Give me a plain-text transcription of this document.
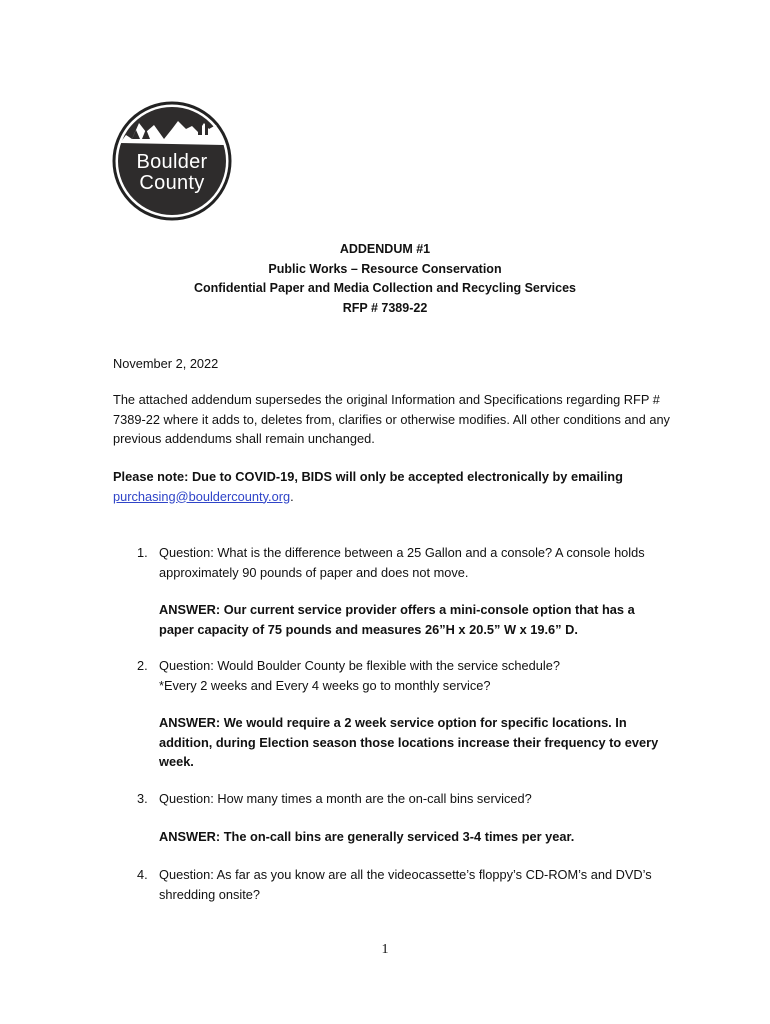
Boulder
County
ADDENDUM #1
Public Works – Resource Conservation
Confidential Paper and Media Collection and Recycling Services
RFP # 7389-22
November 2, 2022
The attached addendum supersedes the original Information and Specifications regarding RFP # 7389-22 where it adds to, deletes from, clarifies or otherwise modifies. All other conditions and any previous addendums shall remain unchanged.
Please note: Due to COVID-19, BIDS will only be accepted electronically by emailing purchasing@bouldercounty.org.
1. Question: What is the difference between a 25 Gallon and a console? A console holds approximately 90 pounds of paper and does not move.
ANSWER: Our current service provider offers a mini-console option that has a paper capacity of 75 pounds and measures 26”H x 20.5” W x 19.6” D.
2. Question: Would Boulder County be flexible with the service schedule?
*Every 2 weeks and Every 4 weeks go to monthly service?
ANSWER: We would require a 2 week service option for specific locations. In addition, during Election season those locations increase their frequency to every week.
3. Question: How many times a month are the on-call bins serviced?
ANSWER: The on-call bins are generally serviced 3-4 times per year.
4. Question: As far as you know are all the videocassette’s floppy’s CD-ROM’s and DVD’s shredding onsite?
1
